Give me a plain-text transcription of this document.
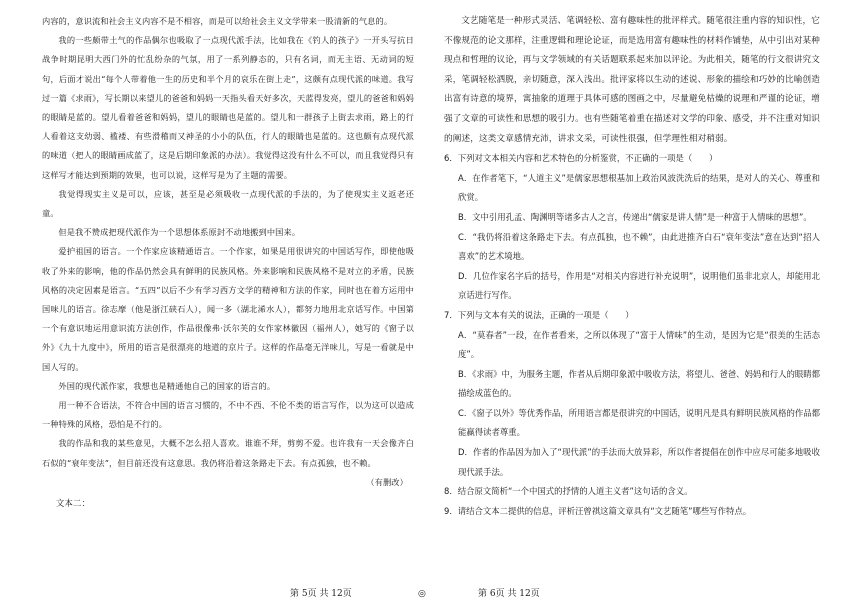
内容的，意识流和社会主义内容不是不相容，而是可以给社会主义文学带来一股清新的气息的。
我的一些颇带土气的作品偶尔也吸取了一点现代派手法，比如我在《钓人的孩子》一开头写抗日战争时期昆明大西门外的忙乱纷杂的气氛，用了一系列静态的，只有名词，而无主语、无动词的短句，后面才说出“每个人带着他一生的历史和半个月的哀乐在街上走”，这颇有点现代派的味道。我写过一篇《求雨》，写长期以来望儿的爸爸和妈妈一天指头看天好多次，天蓝得发亮，望儿的爸爸和妈妈的眼睛是蓝的。望儿看着爸爸和妈妈，望儿的眼睛也是蓝的。望儿和一群孩子上街去求雨，路上的行人看着这支幼弱、褴褛、有些滑稽而又神圣的小小的队伍，行人的眼睛也是蓝的。这也颇有点现代派的味道（把人的眼睛画成蓝了，这是后期印象派的办法）。我觉得这没有什么不可以，而且我觉得只有这样写才能达到预期的效果，也可以说，这样写是为了主题的需要。
我觉得现实主义是可以，应该，甚至是必须吸收一点现代派的手法的，为了使现实主义返老还童。
但是我不赞成把现代派作为一个思想体系原封不动地搬到中国来。
爱护祖国的语言。一个作家应该精通语言。一个作家，如果是用很讲究的中国话写作，即使他吸收了外来的影响，他的作品仍然会具有鲜明的民族风格。外来影响和民族风格不是对立的矛盾，民族风格的决定因素是语言。“五四”以后不少有学习西方文学的精神和方法的作家，同时也在着方运用中国味儿的语言。徐志摩（他是浙江硖石人），闻一多（湖北浠水人），都努力地用北京话写作。中国第一个有意识地运用意识流方法创作，作品很像弗·沃尔芙的女作家林徽因（福州人），她写的《窗子以外》《九十九度中》，所用的语言是很漂亮的地道的京片子。这样的作品毫无洋味儿，写是一看就是中国人写的。
外国的现代派作家，我想也是精通他自己的国家的语言的。
用一种不合语法，不符合中国的语言习惯的，不中不西、不伦不类的语言写作，以为这可以造成一种特殊的风格，恐怕是不行的。
我的作品和我的某些意见，大概不怎么招人喜欢。谁谁不拜，剪剪不爱。也许我有一天会像齐白石似的“衰年变法”，但目前还没有这意思。我仍将沿着这条路走下去。有点孤独，也不赖。
（有删改）
文本二：
文艺随笔是一种形式灵活、笔调轻松、富有趣味性的批评样式。随笔很注重内容的知识性，它不像规范的论文那样，注重逻辑和理论论证，而是选用富有趣味性的材料作铺垫，从中引出对某种现点和哲理的议论，再与文学领域的有关话题联系起来加以评论。为此相关，随笔的行文很讲究文采，笔调轻松洒脱，亲切随意，深入浅出。批评家将以生动的述说、形象的描绘和巧妙的比喻创造出富有诗意的境界，寓抽象的道理于具体可感的图画之中，尽量避免枯燥的说理和严谨的论证，增强了文章的可读性和思想的吸引力。也有些随笔着重在描述对文学的印象、感受，并不注重对知识的阐述，这类文章感情充沛，讲求文采，可读性很强，但学理性相对稍弱。
6．下列对文本相关内容和艺术特色的分析鉴赏，不正确的一项是（　　）
A．在作者笔下，“人道主义”是儒家思想根基加上政治风波洗洗后的结果，是对人的关心、尊重和欣赏。
B．文中引用孔孟、陶渊明等诸多古人之言，传递出“儒家是讲人情”是一种富于人情味的思想”。
C．“我仍将沿着这条路走下去。有点孤独，也不赖”，由此进推齐白石“衰年变法”意在达到“招人喜欢”的艺术境地。
D．几位作家名字后的括号，作用是“对相关内容进行补充说明”，说明他们虽非北京人，却能用北京话进行写作。
7．下列与文本有关的说法，正确的一项是（　　）
A．“莫春者”一段，在作者看来，之所以体现了“富于人情味”的生动，是因为它是“很美的生活态度”。
B．《求雨》中，为服务主题，作者从后期印象派中吸收方法，将望儿、爸爸、妈妈和行人的眼睛都描绘成蓝色的。
C．《窗子以外》等优秀作品，所用语言都是很讲究的中国话，说明凡是具有鲜明民族风格的作品都能赢得读者尊重。
D．作者的作品因为加入了“现代派”的手法而大放异彩，所以作者提倡在创作中应尽可能多地吸收现代派手法。
8．结合原文简析“一个中国式的抒情的人道主义者”这句话的含义。
9．请结合文本二提供的信息，评析汪曾祺这篇文章具有“文艺随笔”哪些写作特点。
第 5页 共 12页	◎	第 6页 共 12页
